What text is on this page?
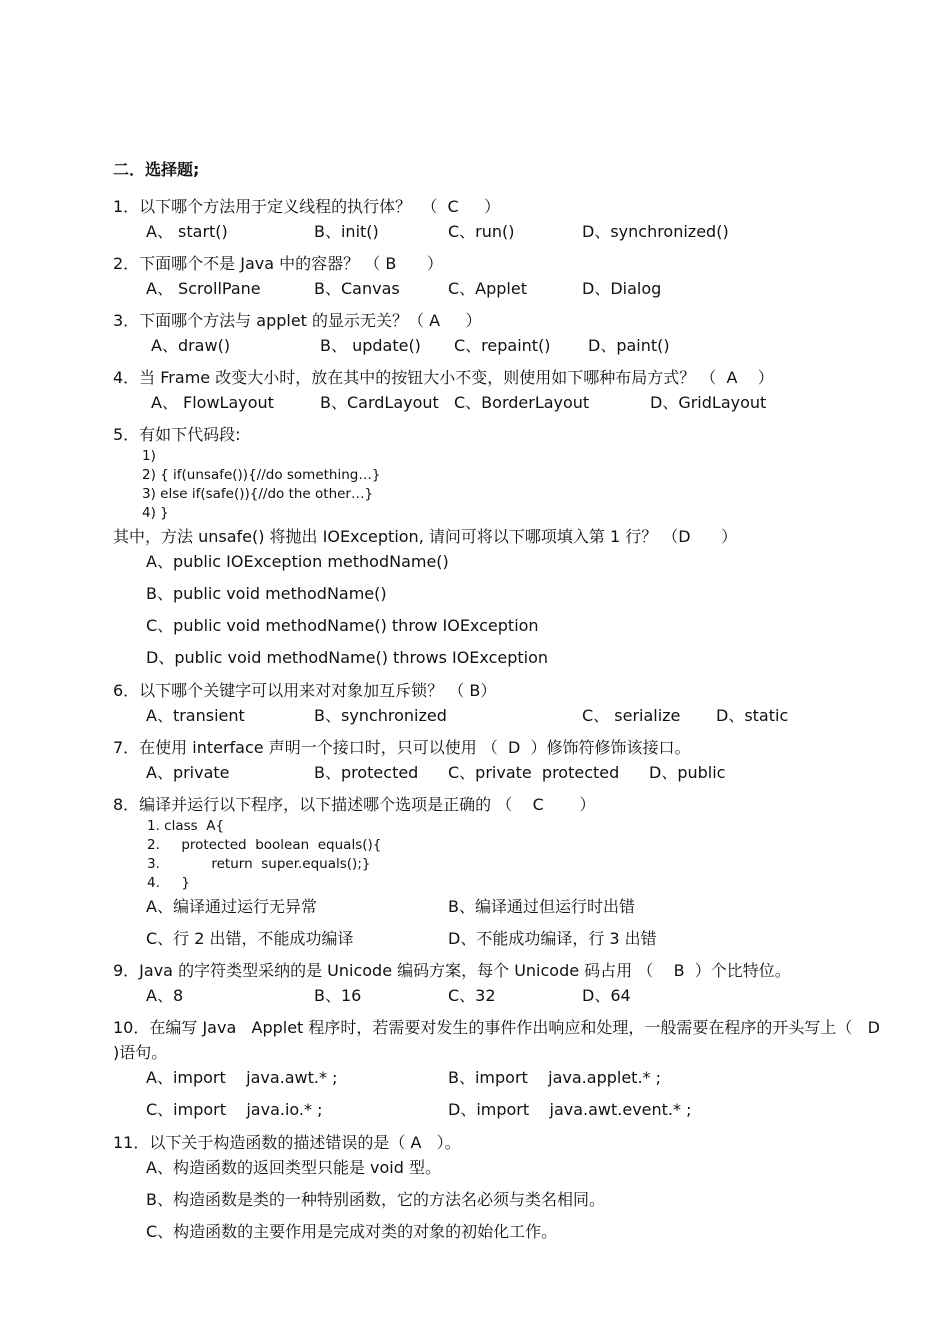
二．选择题;
1．以下哪个方法用于定义线程的执行体？  （  C     ）
A、 start()	B、init()	C、run()	D、synchronized()
2．下面哪个不是 Java 中的容器？ （ B      ）
A、 ScrollPane	B、Canvas	C、Applet	D、Dialog
3．下面哪个方法与 applet 的显示无关？（ A     ）
A、draw()	B、 update() C、repaint() D、paint()
4．当 Frame 改变大小时，放在其中的按钮大小不变，则使用如下哪种布局方式？ （  A    ）
A、 FlowLayout	B、CardLayout C、BorderLayout	D、GridLayout
5．有如下代码段:
1)
2) { if(unsafe()){//do something…}
3) else if(safe()){//do the other…}
4) }
其中，方法 unsafe() 将抛出 IOException, 请问可将以下哪项填入第 1 行？ （D      ）
A、public IOException methodName()
B、public void methodName()
C、public void methodName() throw IOException
D、public void methodName() throws IOException
6．以下哪个关键字可以用来对对象加互斥锁？ （ B）
A、transient	B、synchronized	C、 serialize D、static
7．在使用 interface 声明一个接口时，只可以使用 （  D  ）修饰符修饰该接口。
A、private	B、protected C、private  protected D、public
8．编译并运行以下程序，以下描述哪个选项是正确的 （    C       ）
1. class  A{
2.     protected  boolean  equals(){
3.            return  super.equals();}
4.     }
A、编译通过运行无异常	B、编译通过但运行时出错
C、行 2 出错，不能成功编译	D、不能成功编译，行 3 出错
9．Java 的字符类型采纳的是 Unicode 编码方案，每个 Unicode 码占用 （    B  ）个比特位。
A、8	B、16	C、32	D、64
10．在编写 Java   Applet 程序时，若需要对发生的事件作出响应和处理，一般需要在程序的开头写上（   D
)语句。
A、import    java.awt.* ;	B、import    java.applet.* ;
C、import    java.io.* ;	D、import    java.awt.event.* ;
11．以下关于构造函数的描述错误的是（ A   ）。
A、构造函数的返回类型只能是 void 型。
B、构造函数是类的一种特别函数，它的方法名必须与类名相同。
C、构造函数的主要作用是完成对类的对象的初始化工作。
